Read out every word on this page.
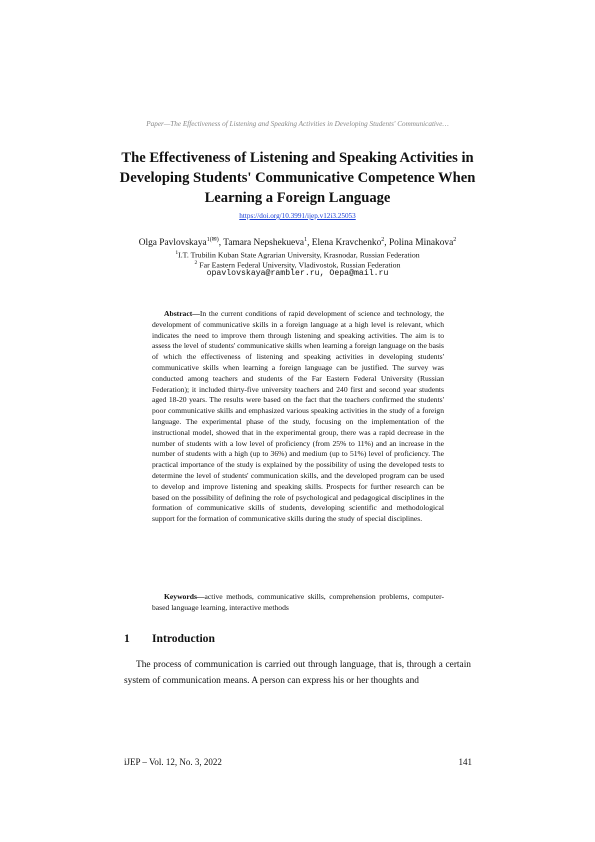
Paper—The Effectiveness of Listening and Speaking Activities in Developing Students' Communicative…
The Effectiveness of Listening and Speaking Activities in Developing Students' Communicative Competence When Learning a Foreign Language
https://doi.org/10.3991/ijep.v12i3.25053
Olga Pavlovskaya$^{1(✉)}$, Tamara Nepshekueva$^1$, Elena Kravchenko$^2$, Polina Minakova$^2$
$^1$I.T. Trubilin Kuban State Agrarian University, Krasnodar, Russian Federation
$^2$ Far Eastern Federal University, Vladivostok, Russian Federation
opavlovskaya@rambler.ru, Oepa@mail.ru
Abstract—In the current conditions of rapid development of science and technology, the development of communicative skills in a foreign language at a high level is relevant, which indicates the need to improve them through listening and speaking activities. The aim is to assess the level of students' communicative skills when learning a foreign language on the basis of which the effectiveness of listening and speaking activities in developing students' communicative skills when learning a foreign language can be justified. The survey was conducted among teachers and students of the Far Eastern Federal University (Russian Federation); it included thirty-five university teachers and 240 first and second year students aged 18-20 years. The results were based on the fact that the teachers confirmed the students' poor communicative skills and emphasized various speaking activities in the study of a foreign language. The experimental phase of the study, focusing on the implementation of the instructional model, showed that in the experimental group, there was a rapid decrease in the number of students with a low level of proficiency (from 25% to 11%) and an increase in the number of students with a high (up to 36%) and medium (up to 51%) level of proficiency. The practical importance of the study is explained by the possibility of using the developed tests to determine the level of students' communication skills, and the developed program can be used to develop and improve listening and speaking skills. Prospects for further research can be based on the possibility of defining the role of psychological and pedagogical disciplines in the formation of communicative skills of students, developing scientific and methodological support for the formation of communicative skills during the study of special disciplines.
Keywords—active methods, communicative skills, comprehension problems, computer-based language learning, interactive methods
1 Introduction
The process of communication is carried out through language, that is, through a certain system of communication means. A person can express his or her thoughts and
iJEP – Vol. 12, No. 3, 2022	141
